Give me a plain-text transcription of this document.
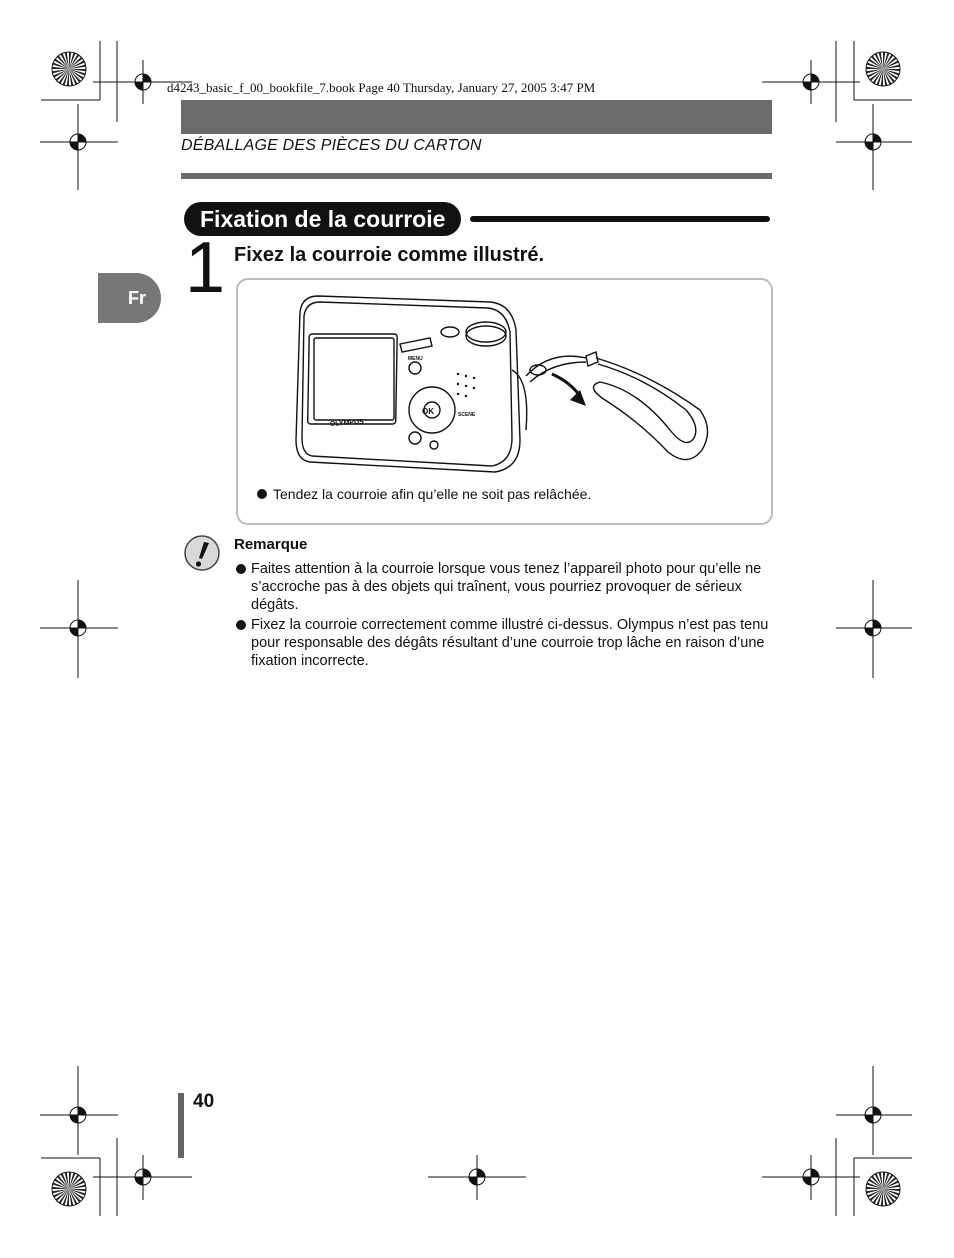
d4243_basic_f_00_bookfile_7.book Page 40 Thursday, January 27, 2005 3:47 PM
DÉBALLAGE DES PIÈCES DU CARTON
Fixation de la courroie
Fr 1 Fixez la courroie comme illustré.
OK
MENU
SCENE
OLYMPUS
Tendez la courroie afin qu’elle ne soit pas relâchée.
Remarque
Faites attention à la courroie lorsque vous tenez l’appareil photo pour qu’elle ne s’accroche pas à des objets qui traînent, vous pourriez provoquer de sérieux dégâts.
Fixez la courroie correctement comme illustré ci-dessus. Olympus n’est pas tenu pour responsable des dégâts résultant d’une courroie trop lâche en raison d’une fixation incorrecte.
40
